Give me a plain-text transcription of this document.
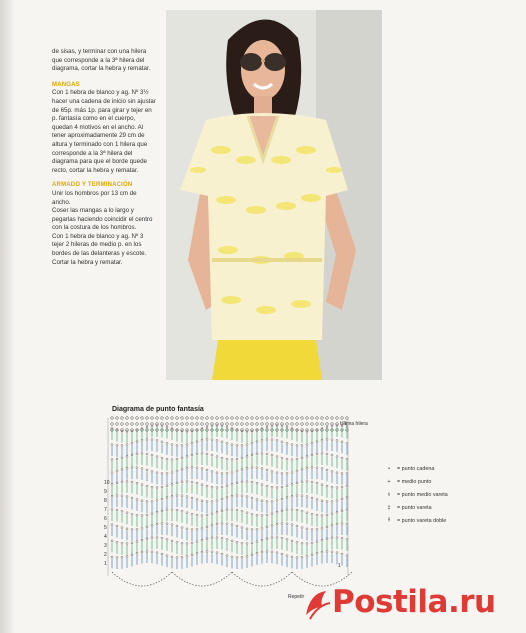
de sisas, y terminar con una hilera que corresponde a la 3ª hilera del diagrama, cortar la hebra y rematar.

MANGAS

Con 1 hebra de blanco y ag. Nº 3½ hacer una cadena de inicio sin ajustar de 65p. más 1p. para girar y tejer en p. fantasía como en el cuerpo, quedan 4 motivos en el ancho. Al tener aproximadamente 29 cm de altura y terminado con 1 hilera que corresponde a la 3ª hilera del diagrama para que el borde quede recto, cortar la hebra y rematar.

ARMADO Y TERMINACIÓN

Unir los hombros por 13 cm de ancho.

Coser las mangas a lo largo y pegarlas haciendo coincidir el centro con la costura de los hombros.

Con 1 hebra de blanco y ag. Nº 3 tejer 2 hileras de medio p. en los bordes de las delanteras y escote. Cortar la hebra y rematar.

Diagrama de punto fantasía
Ultima hilera
Repetir
1
10
9
8
7
6
5
4
3
2
1
∘	= punto cadena
+	= medio punto
ŧ	= punto medio vareta
‡	= punto vareta
⫲	= punto vareta doble
Postila.ru
